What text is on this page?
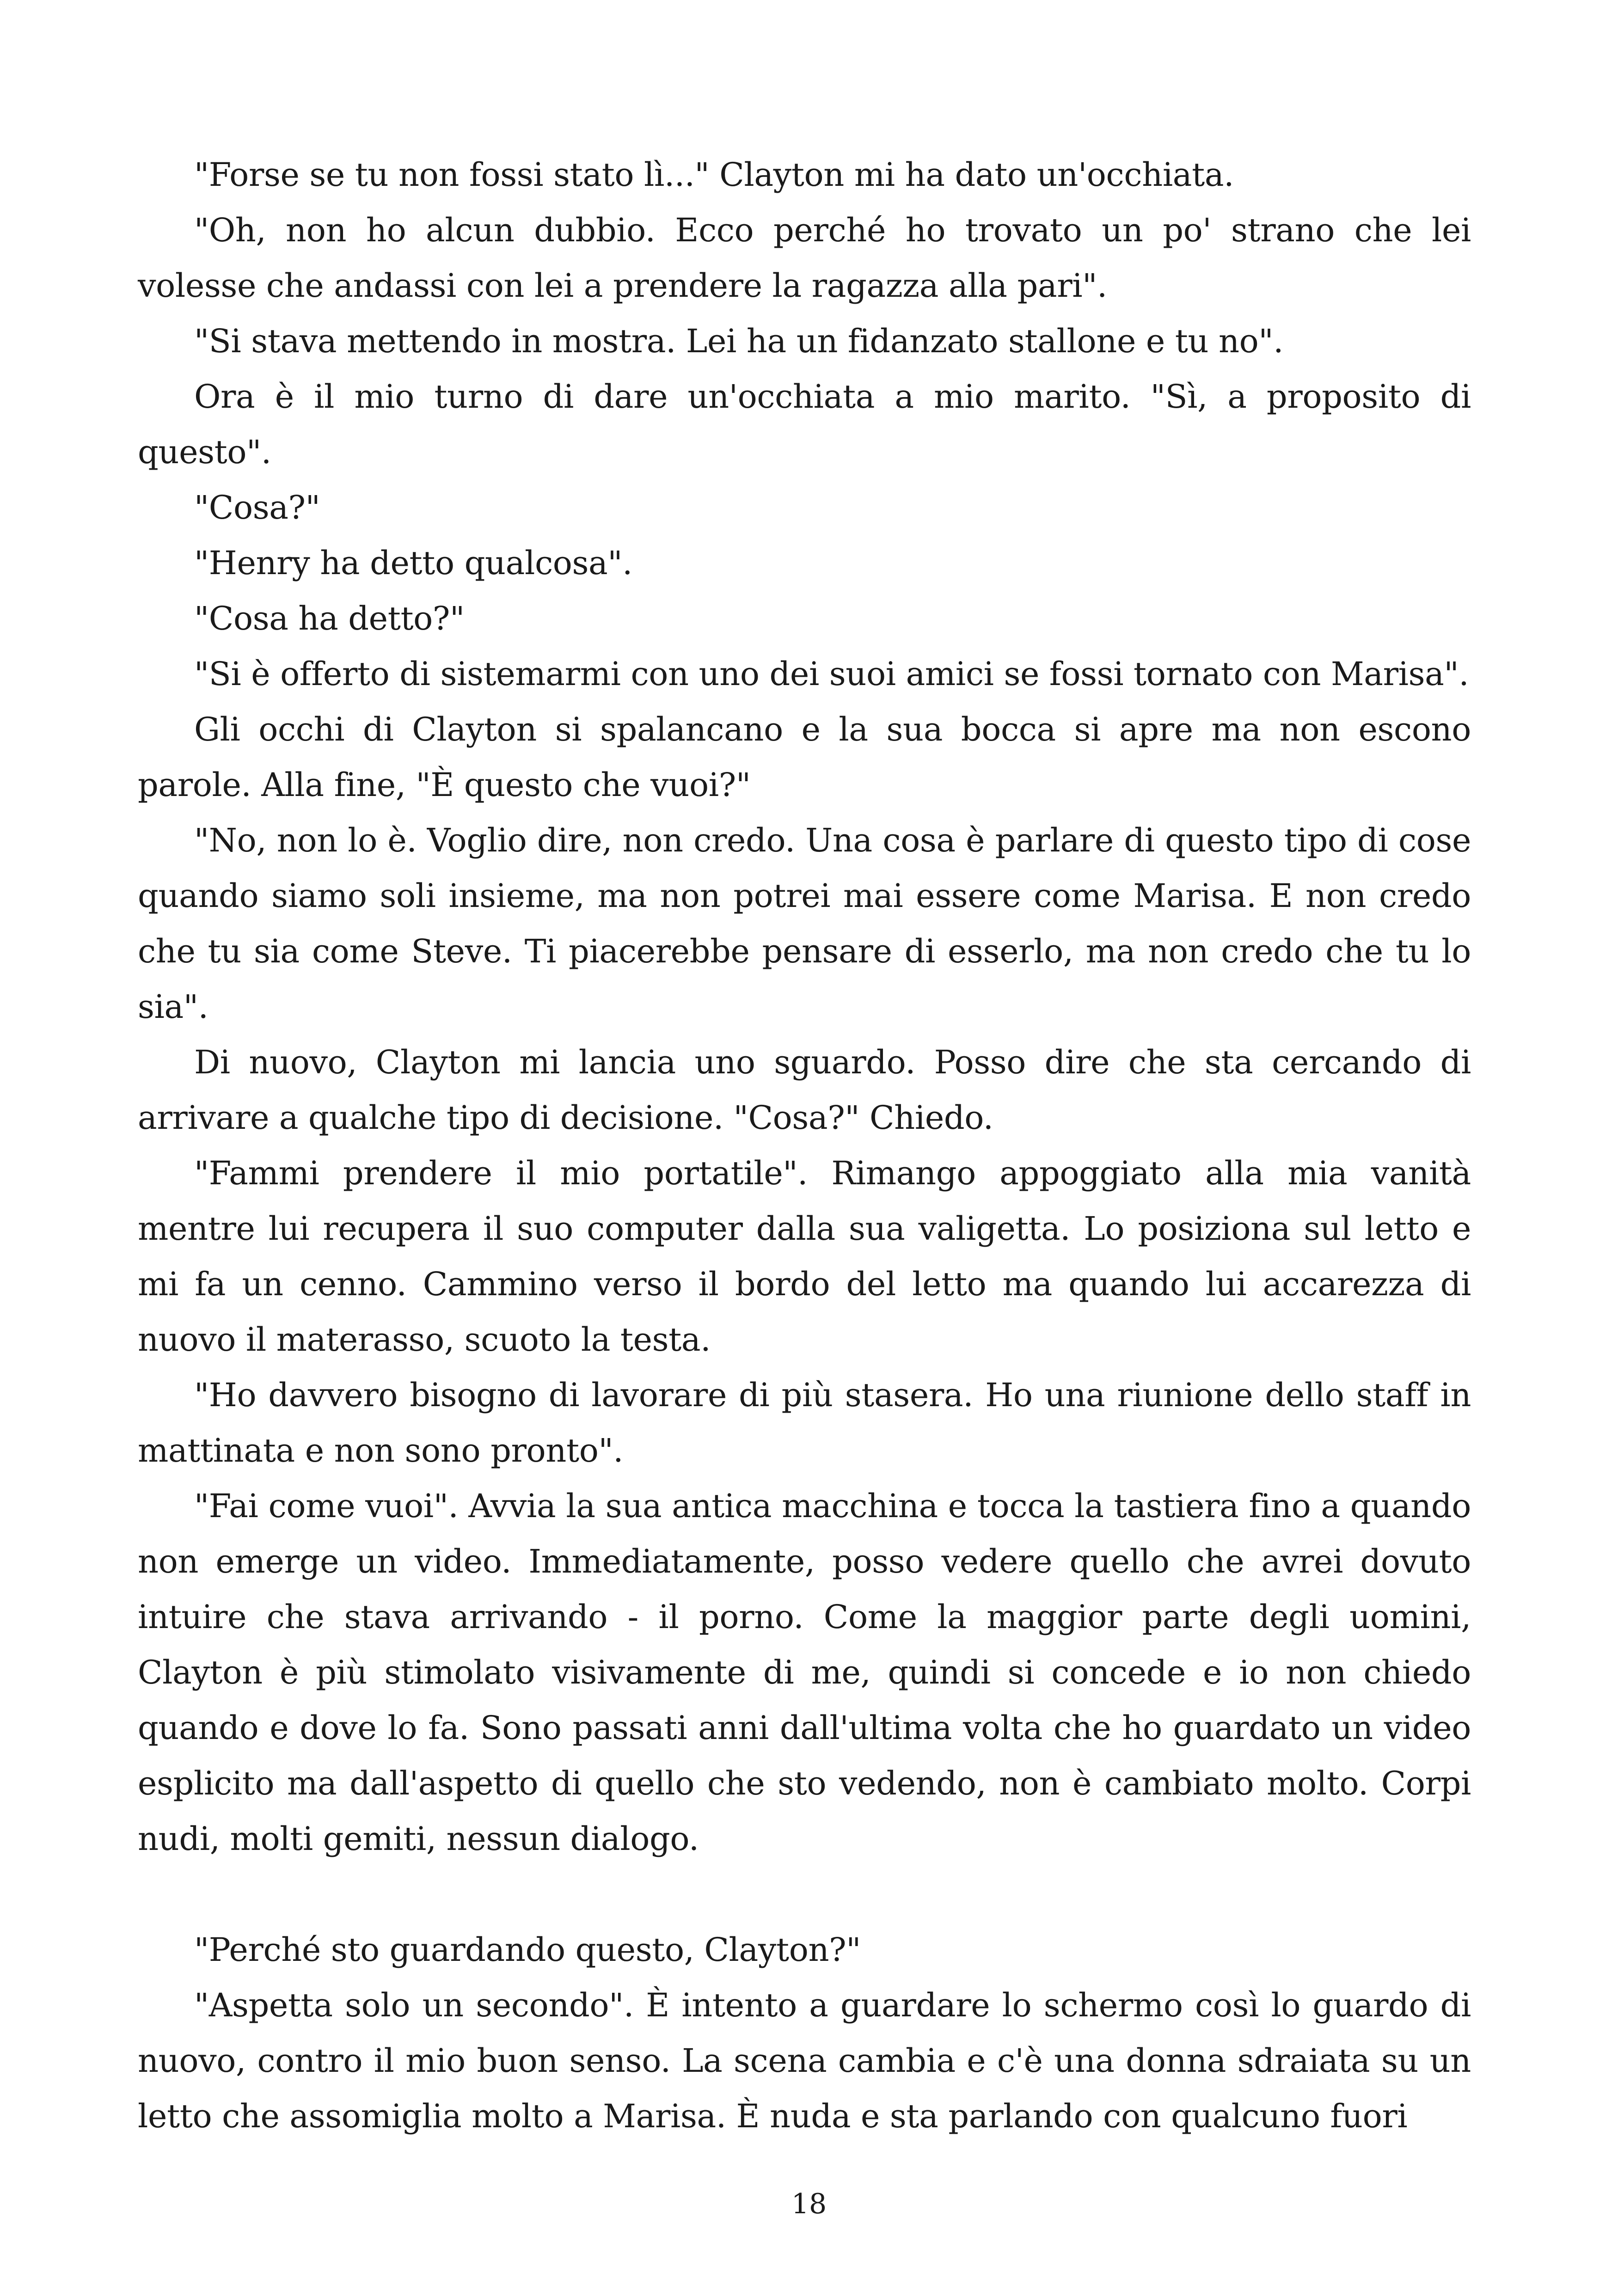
"Forse se tu non fossi stato lì..." Clayton mi ha dato un'occhiata.

"Oh, non ho alcun dubbio. Ecco perché ho trovato un po' strano che lei volesse che andassi con lei a prendere la ragazza alla pari".

"Si stava mettendo in mostra. Lei ha un fidanzato stallone e tu no".

Ora è il mio turno di dare un'occhiata a mio marito. "Sì, a proposito di questo".

"Cosa?"

"Henry ha detto qualcosa".

"Cosa ha detto?"

"Si è offerto di sistemarmi con uno dei suoi amici se fossi tornato con Marisa".

Gli occhi di Clayton si spalancano e la sua bocca si apre ma non escono parole. Alla fine, "È questo che vuoi?"

"No, non lo è. Voglio dire, non credo. Una cosa è parlare di questo tipo di cose quando siamo soli insieme, ma non potrei mai essere come Marisa. E non credo che tu sia come Steve. Ti piacerebbe pensare di esserlo, ma non credo che tu lo sia".

Di nuovo, Clayton mi lancia uno sguardo. Posso dire che sta cercando di arrivare a qualche tipo di decisione. "Cosa?" Chiedo.

"Fammi prendere il mio portatile". Rimango appoggiato alla mia vanità mentre lui recupera il suo computer dalla sua valigetta. Lo posiziona sul letto e mi fa un cenno. Cammino verso il bordo del letto ma quando lui accarezza di nuovo il materasso, scuoto la testa.

"Ho davvero bisogno di lavorare di più stasera. Ho una riunione dello staff in mattinata e non sono pronto".

"Fai come vuoi". Avvia la sua antica macchina e tocca la tastiera fino a quando non emerge un video. Immediatamente, posso vedere quello che avrei dovuto intuire che stava arrivando - il porno. Come la maggior parte degli uomini, Clayton è più stimolato visivamente di me, quindi si concede e io non chiedo quando e dove lo fa. Sono passati anni dall'ultima volta che ho guardato un video esplicito ma dall'aspetto di quello che sto vedendo, non è cambiato molto. Corpi nudi, molti gemiti, nessun dialogo.

"Perché sto guardando questo, Clayton?"

"Aspetta solo un secondo". È intento a guardare lo schermo così lo guardo di nuovo, contro il mio buon senso. La scena cambia e c'è una donna sdraiata su un letto che assomiglia molto a Marisa. È nuda e sta parlando con qualcuno fuori

18
